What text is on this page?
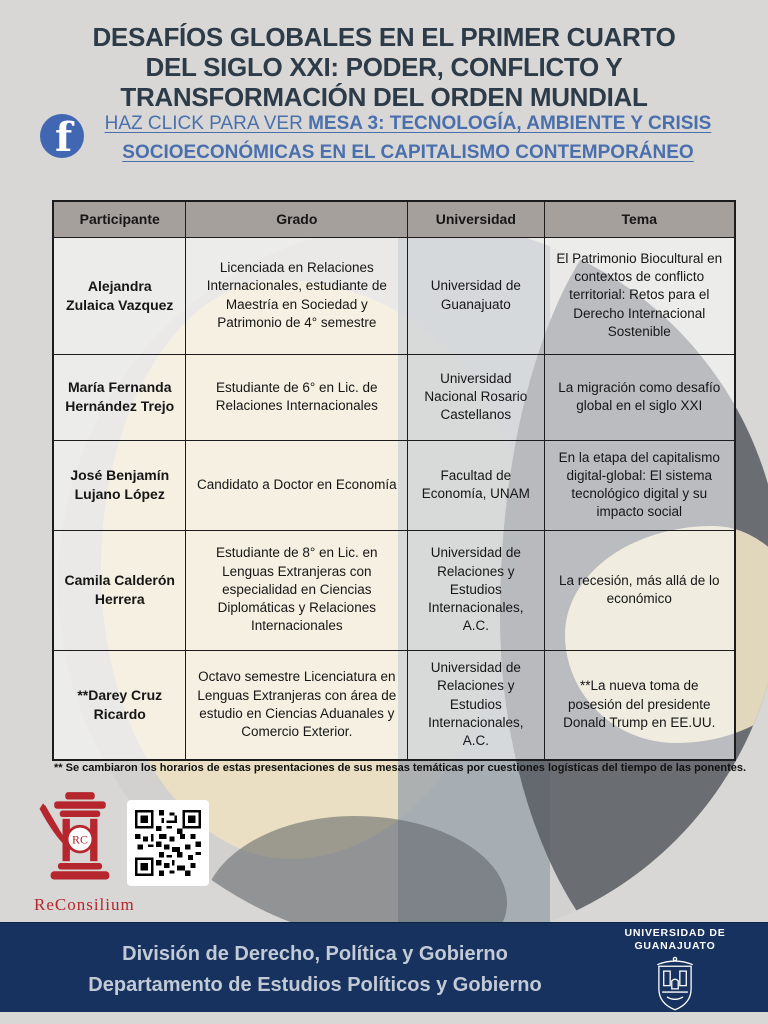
DESAFÍOS GLOBALES EN EL PRIMER CUARTO
DEL SIGLO XXI: PODER, CONFLICTO Y
TRANSFORMACIÓN DEL ORDEN MUNDIAL
f	HAZ CLICK PARA VER MESA 3: TECNOLOGÍA, AMBIENTE Y CRISIS SOCIOECONÓMICAS EN EL CAPITALISMO CONTEMPORÁNEO
Participante	Grado	Universidad	Tema
Alejandra Zulaica Vazquez	Licenciada en Relaciones Internacionales, estudiante de Maestría en Sociedad y Patrimonio de 4° semestre	Universidad de Guanajuato	El Patrimonio Biocultural en contextos de conflicto territorial: Retos para el Derecho Internacional Sostenible
María Fernanda Hernández Trejo	Estudiante de 6° en Lic. de Relaciones Internacionales	Universidad Nacional Rosario Castellanos	La migración como desafío global en el siglo XXI
José Benjamín Lujano López	Candidato a Doctor en Economía	Facultad de Economía, UNAM	En la etapa del capitalismo digital-global: El sistema tecnológico digital y su impacto social
Camila Calderón Herrera	Estudiante de 8° en Lic. en Lenguas Extranjeras con especialidad en Ciencias Diplomáticas y Relaciones Internacionales	Universidad de Relaciones y Estudios Internacionales, A.C.	La recesión, más allá de lo económico
**Darey Cruz Ricardo	Octavo semestre Licenciatura en Lenguas Extranjeras con área de estudio en Ciencias Aduanales y Comercio Exterior.	Universidad de Relaciones y Estudios Internacionales, A.C.	**La nueva toma de posesión del presidente Donald Trump en EE.UU.
** Se cambiaron los horarios de estas presentaciones de sus mesas temáticas por cuestiones logísticas del tiempo de las ponentes.
RC
ReConsilium
División de Derecho, Política y Gobierno
Departamento de Estudios Políticos y Gobierno
UNIVERSIDAD DE
GUANAJUATO
